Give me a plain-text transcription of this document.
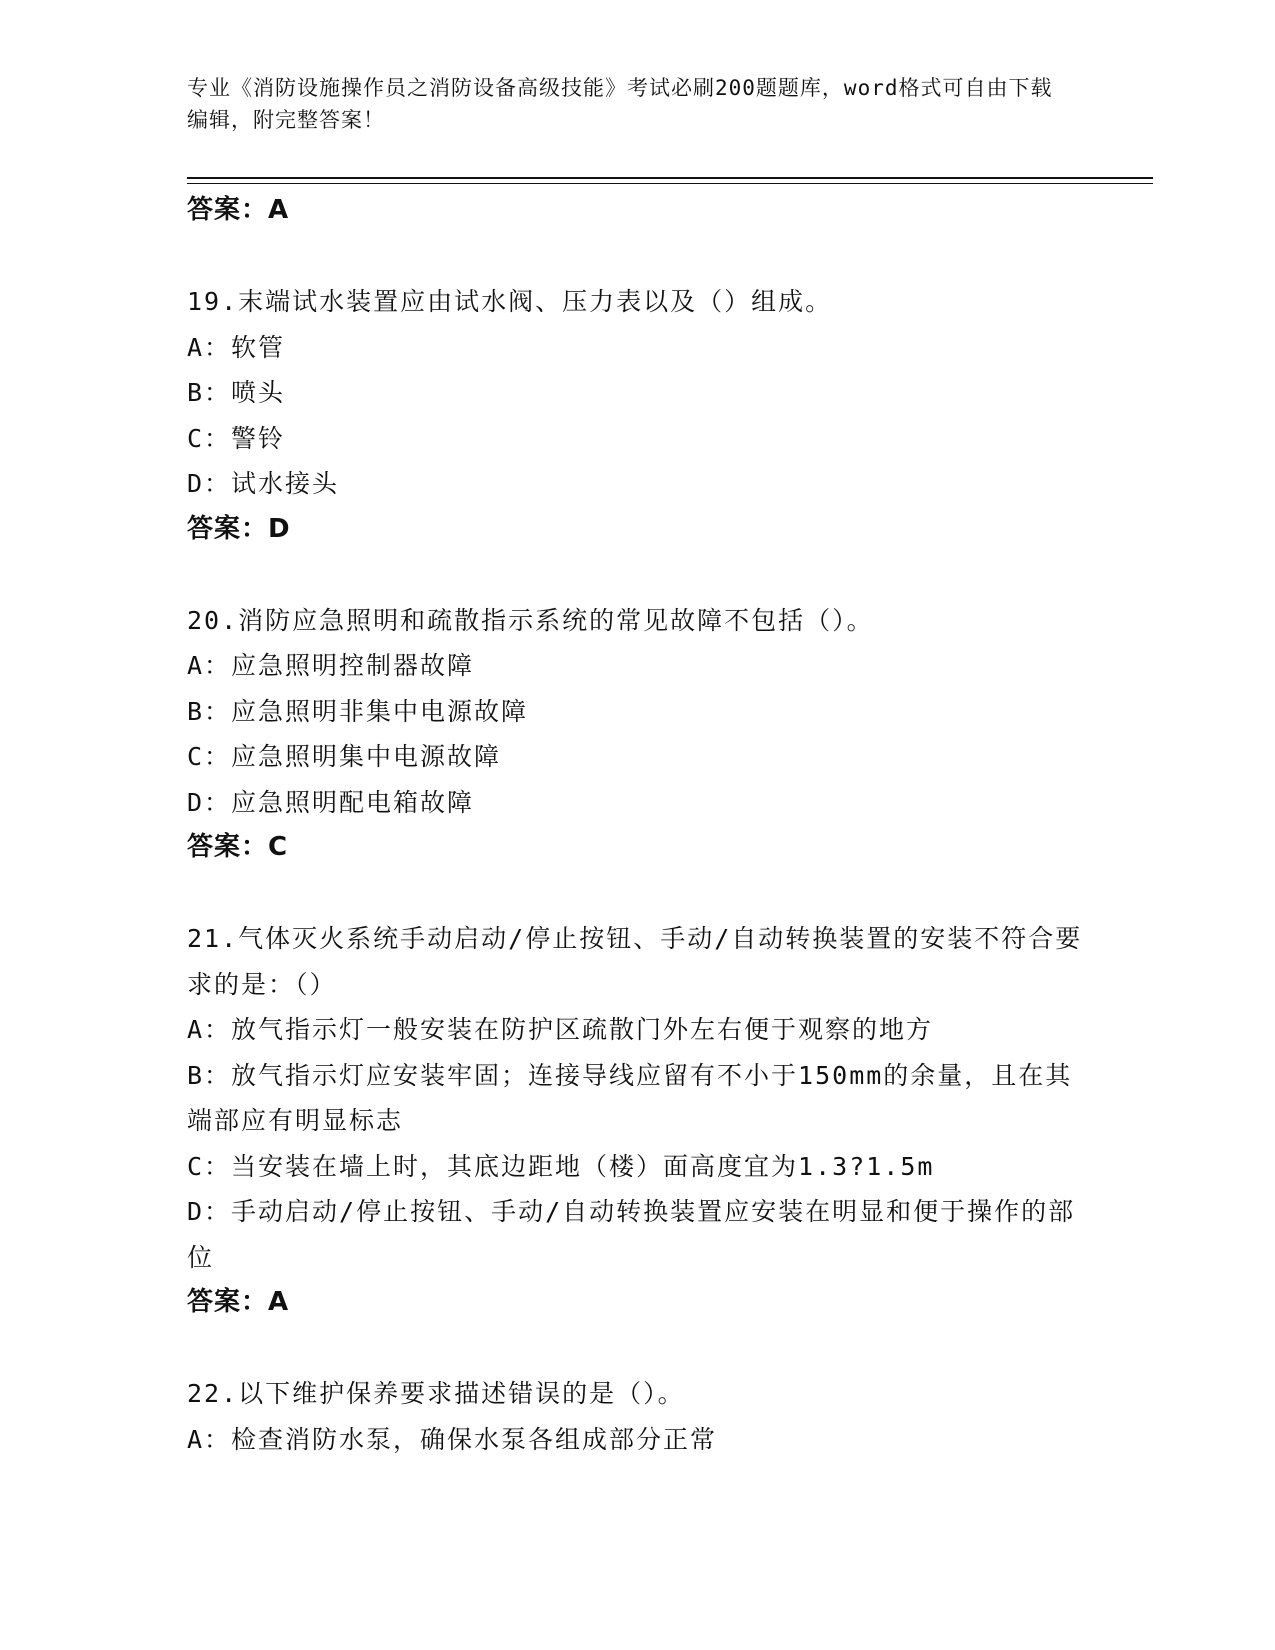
专业《消防设施操作员之消防设备高级技能》考试必刷200题题库，word格式可自由下载编辑，附完整答案！
答案：A
19.末端试水装置应由试水阀、压力表以及（）组成。
A：软管
B：喷头
C：警铃
D：试水接头
答案：D
20.消防应急照明和疏散指示系统的常见故障不包括（）。
A：应急照明控制器故障
B：应急照明非集中电源故障
C：应急照明集中电源故障
D：应急照明配电箱故障
答案：C
21.气体灭火系统手动启动/停止按钮、手动/自动转换装置的安装不符合要求的是：（）
A：放气指示灯一般安装在防护区疏散门外左右便于观察的地方
B：放气指示灯应安装牢固；连接导线应留有不小于150mm的余量，且在其端部应有明显标志
C：当安装在墙上时，其底边距地（楼）面高度宜为1.3?1.5m
D：手动启动/停止按钮、手动/自动转换装置应安装在明显和便于操作的部位
答案：A
22.以下维护保养要求描述错误的是（）。
A：检查消防水泵，确保水泵各组成部分正常
